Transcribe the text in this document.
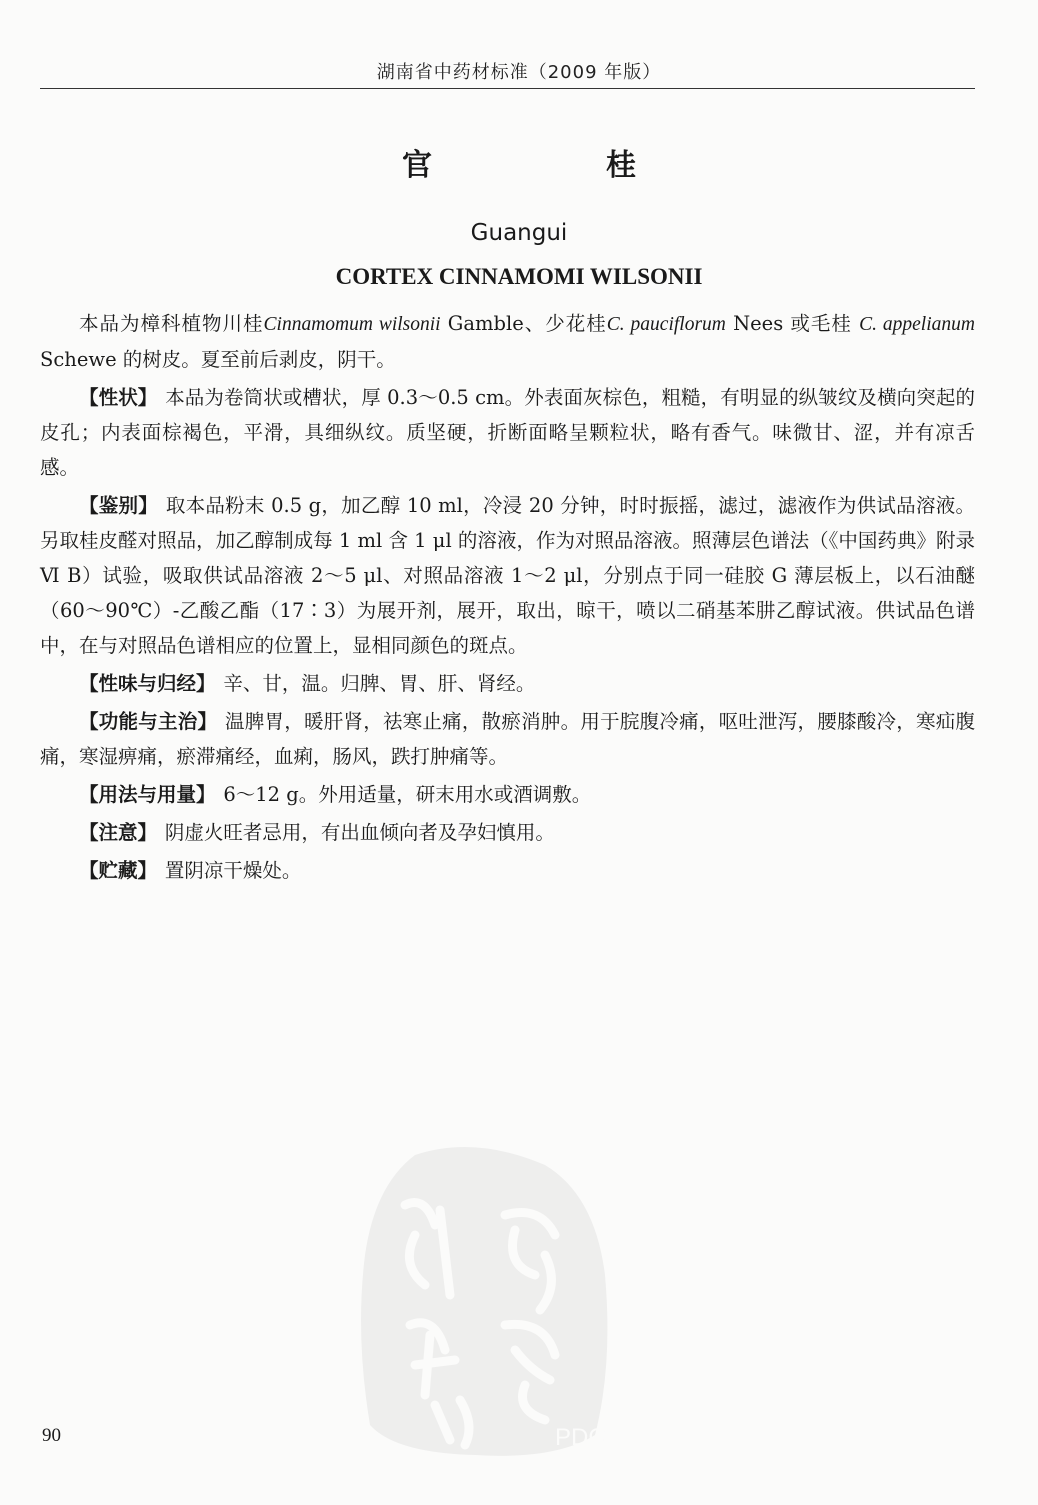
湖南省中药材标准（2009 年版）
官　桂
Guangui
CORTEX CINNAMOMI WILSONII

本品为樟科植物川桂Cinnamomum wilsonii Gamble、少花桂C. pauciflorum Nees 或毛桂 C. appelianum Schewe 的树皮。夏至前后剥皮，阴干。

【性状】 本品为卷筒状或槽状，厚 0.3～0.5 cm。外表面灰棕色，粗糙，有明显的纵皱纹及横向突起的皮孔；内表面棕褐色，平滑，具细纵纹。质坚硬，折断面略呈颗粒状，略有香气。味微甘、涩，并有凉舌感。

【鉴别】 取本品粉末 0.5 g，加乙醇 10 ml，冷浸 20 分钟，时时振摇，滤过，滤液作为供试品溶液。另取桂皮醛对照品，加乙醇制成每 1 ml 含 1 μl 的溶液，作为对照品溶液。照薄层色谱法（《中国药典》附录Ⅵ B）试验，吸取供试品溶液 2～5 μl、对照品溶液 1～2 μl，分别点于同一硅胶 G 薄层板上，以石油醚（60～90℃）-乙酸乙酯（17∶3）为展开剂，展开，取出，晾干，喷以二硝基苯肼乙醇试液。供试品色谱中，在与对照品色谱相应的位置上，显相同颜色的斑点。

【性味与归经】 辛、甘，温。归脾、胃、肝、肾经。

【功能与主治】 温脾胃，暖肝肾，祛寒止痛，散瘀消肿。用于脘腹冷痛，呕吐泄泻，腰膝酸冷，寒疝腹痛，寒湿痹痛，瘀滞痛经，血痢，肠风，跌打肿痛等。

【用法与用量】 6～12 g。外用适量，研末用水或酒调敷。

【注意】 阴虚火旺者忌用，有出血倾向者及孕妇慎用。

【贮藏】 置阴凉干燥处。

PDG
90
